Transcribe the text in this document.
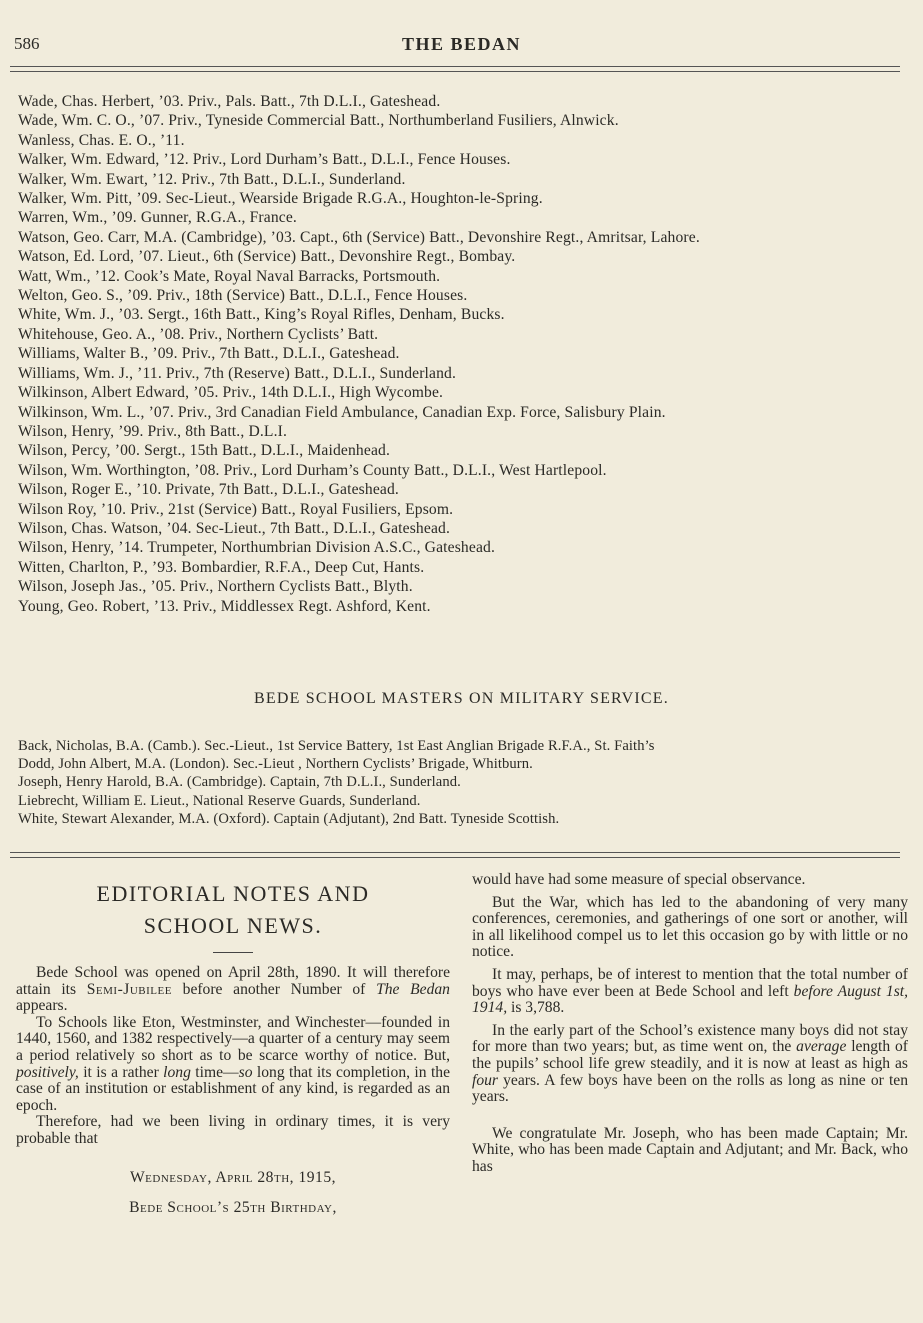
586	THE BEDAN
Wade, Chas. Herbert, ’03. Priv., Pals. Batt., 7th D.L.I., Gateshead.
Wade, Wm. C. O., ’07. Priv., Tyneside Commercial Batt., Northumberland Fusiliers, Alnwick.
Wanless, Chas. E. O., ’11.
Walker, Wm. Edward, ’12. Priv., Lord Durham’s Batt., D.L.I., Fence Houses.
Walker, Wm. Ewart, ’12. Priv., 7th Batt., D.L.I., Sunderland.
Walker, Wm. Pitt, ’09. Sec-Lieut., Wearside Brigade R.G.A., Houghton-le-Spring.
Warren, Wm., ’09. Gunner, R.G.A., France.
Watson, Geo. Carr, M.A. (Cambridge), ’03. Capt., 6th (Service) Batt., Devonshire Regt., Amritsar, Lahore.
Watson, Ed. Lord, ’07. Lieut., 6th (Service) Batt., Devonshire Regt., Bombay.
Watt, Wm., ’12. Cook’s Mate, Royal Naval Barracks, Portsmouth.
Welton, Geo. S., ’09. Priv., 18th (Service) Batt., D.L.I., Fence Houses.
White, Wm. J., ’03. Sergt., 16th Batt., King’s Royal Rifles, Denham, Bucks.
Whitehouse, Geo. A., ’08. Priv., Northern Cyclists’ Batt.
Williams, Walter B., ’09. Priv., 7th Batt., D.L.I., Gateshead.
Williams, Wm. J., ’11. Priv., 7th (Reserve) Batt., D.L.I., Sunderland.
Wilkinson, Albert Edward, ’05. Priv., 14th D.L.I., High Wycombe.
Wilkinson, Wm. L., ’07. Priv., 3rd Canadian Field Ambulance, Canadian Exp. Force, Salisbury Plain.
Wilson, Henry, ’99. Priv., 8th Batt., D.L.I.
Wilson, Percy, ’00. Sergt., 15th Batt., D.L.I., Maidenhead.
Wilson, Wm. Worthington, ’08. Priv., Lord Durham’s County Batt., D.L.I., West Hartlepool.
Wilson, Roger E., ’10. Private, 7th Batt., D.L.I., Gateshead.
Wilson Roy, ’10. Priv., 21st (Service) Batt., Royal Fusiliers, Epsom.
Wilson, Chas. Watson, ’04. Sec-Lieut., 7th Batt., D.L.I., Gateshead.
Wilson, Henry, ’14. Trumpeter, Northumbrian Division A.S.C., Gateshead.
Witten, Charlton, P., ’93. Bombardier, R.F.A., Deep Cut, Hants.
Wilson, Joseph Jas., ’05. Priv., Northern Cyclists Batt., Blyth.
Young, Geo. Robert, ’13. Priv., Middlessex Regt. Ashford, Kent.
BEDE SCHOOL MASTERS ON MILITARY SERVICE.
Back, Nicholas, B.A. (Camb.). Sec.-Lieut., 1st Service Battery, 1st East Anglian Brigade R.F.A., St. Faith’s
Dodd, John Albert, M.A. (London). Sec.-Lieut , Northern Cyclists’ Brigade, Whitburn.
Joseph, Henry Harold, B.A. (Cambridge). Captain, 7th D.L.I., Sunderland.
Liebrecht, William E. Lieut., National Reserve Guards, Sunderland.
White, Stewart Alexander, M.A. (Oxford). Captain (Adjutant), 2nd Batt. Tyneside Scottish.
EDITORIAL NOTES AND
SCHOOL NEWS.

Bede School was opened on April 28th, 1890. It will therefore attain its Semi-Jubilee before another Number of The Bedan appears.

To Schools like Eton, Westminster, and Winchester—founded in 1440, 1560, and 1382 respectively—a quarter of a century may seem a period relatively so short as to be scarce worthy of notice. But, positively, it is a rather long time—so long that its completion, in the case of an institution or establishment of any kind, is regarded as an epoch.

Therefore, had we been living in ordinary times, it is very probable that

Wednesday, April 28th, 1915,

Bede School’s 25th Birthday,

would have had some measure of special observance.

But the War, which has led to the abandoning of very many conferences, ceremonies, and gatherings of one sort or another, will in all likelihood compel us to let this occasion go by with little or no notice.

It may, perhaps, be of interest to mention that the total number of boys who have ever been at Bede School and left before August 1st, 1914, is 3,788.

In the early part of the School’s existence many boys did not stay for more than two years; but, as time went on, the average length of the pupils’ school life grew steadily, and it is now at least as high as four years. A few boys have been on the rolls as long as nine or ten years.

We congratulate Mr. Joseph, who has been made Captain; Mr. White, who has been made Captain and Adjutant; and Mr. Back, who has
